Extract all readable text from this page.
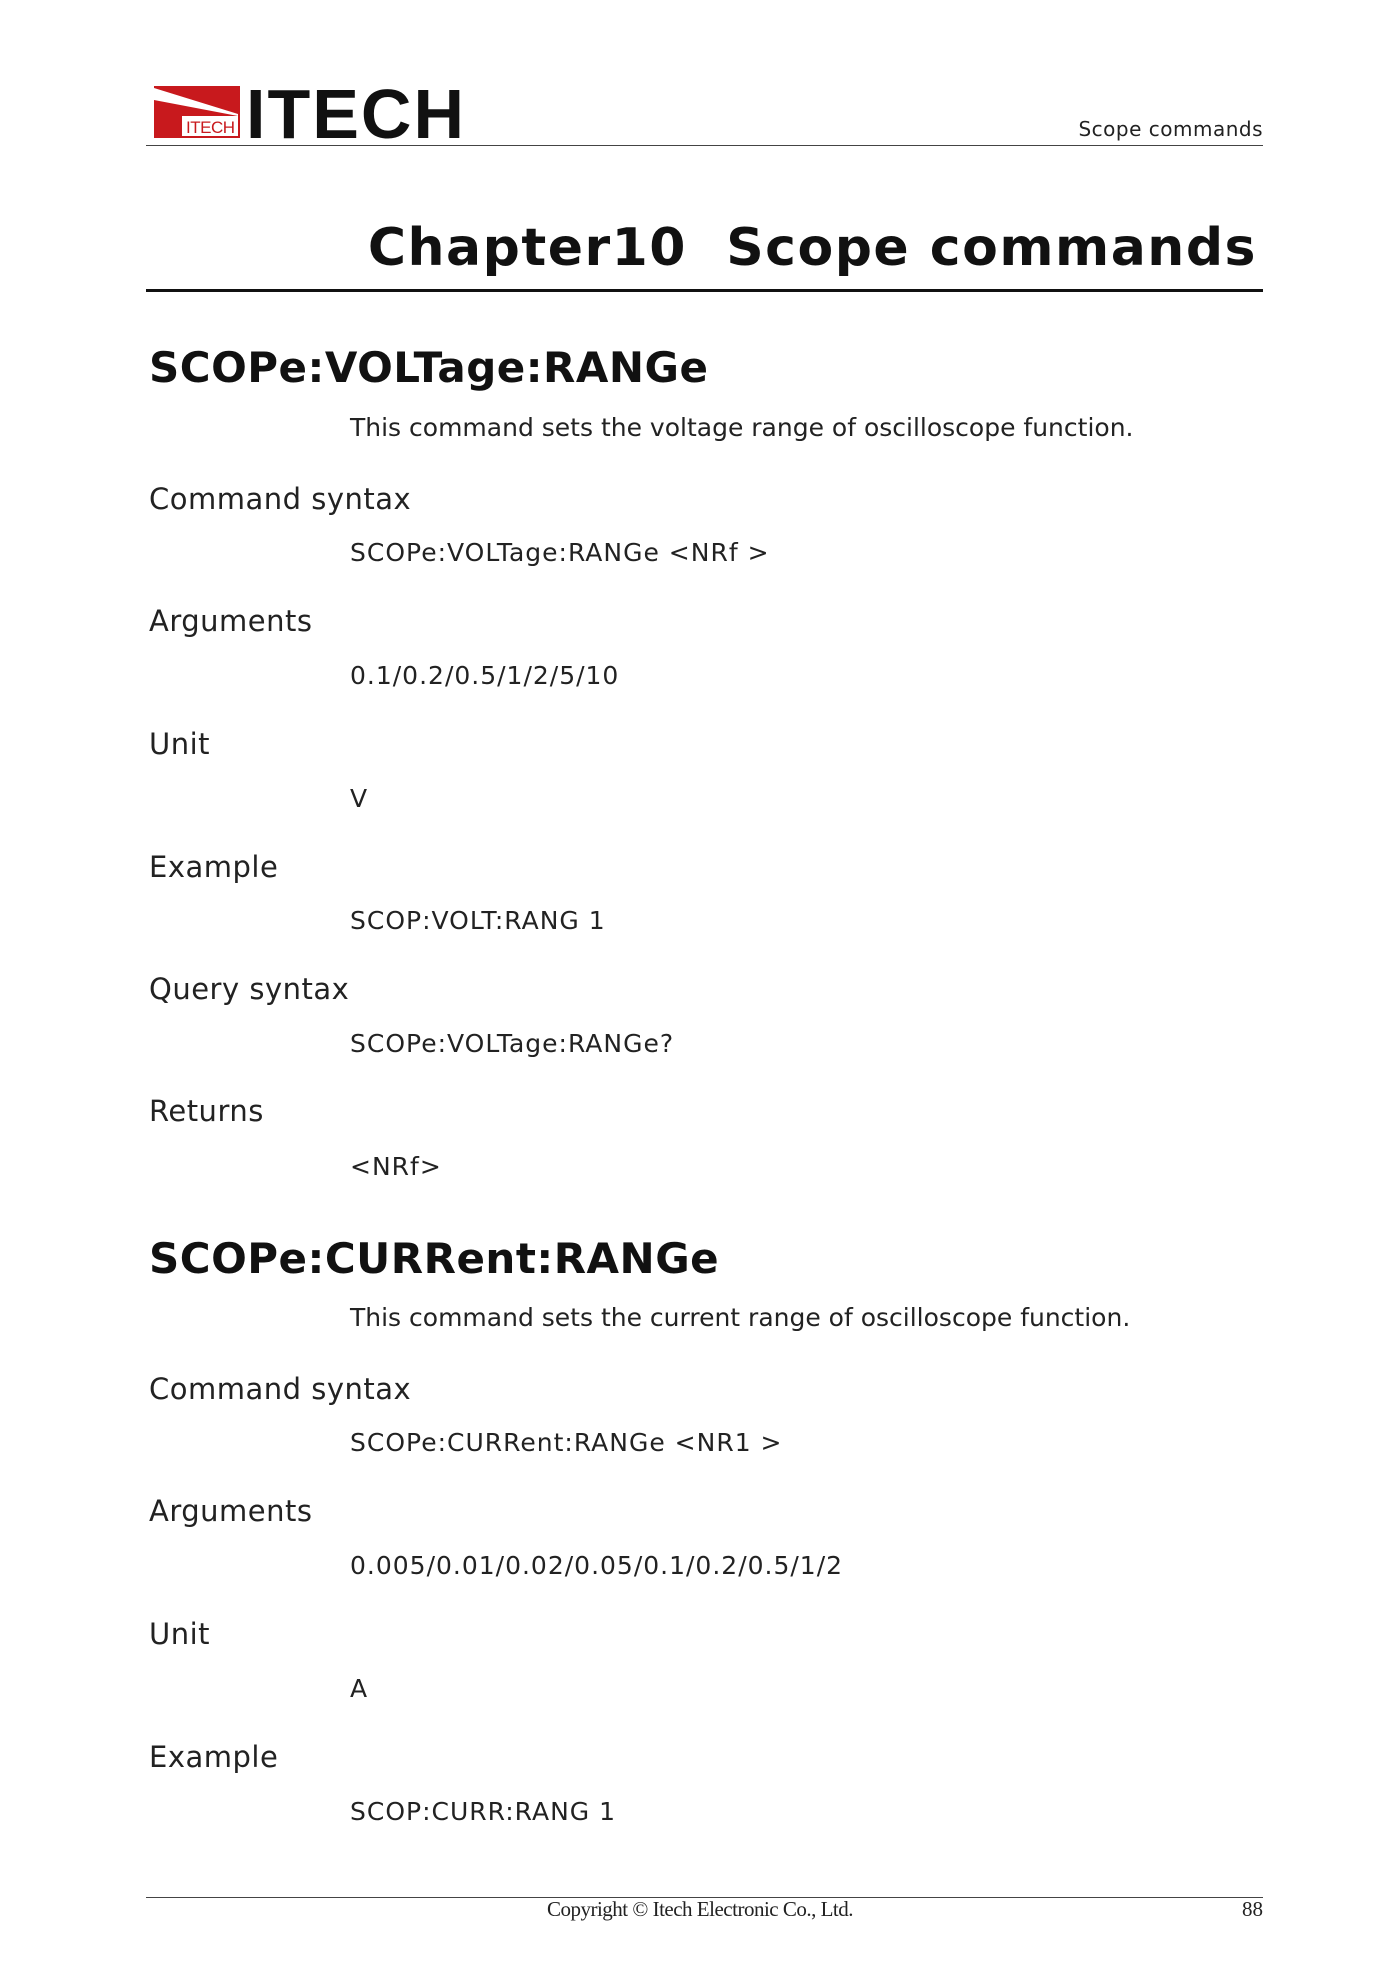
ITECH ITECH	Scope commands
Chapter10  Scope commands
SCOPe:VOLTage:RANGe
This command sets the voltage range of oscilloscope function.
Command syntax
SCOPe:VOLTage:RANGe <NRf >
Arguments
0.1/0.2/0.5/1/2/5/10
Unit
V
Example
SCOP:VOLT:RANG 1
Query syntax
SCOPe:VOLTage:RANGe?
Returns
<NRf>
SCOPe:CURRent:RANGe
This command sets the current range of oscilloscope function.
Command syntax
SCOPe:CURRent:RANGe <NR1 >
Arguments
0.005/0.01/0.02/0.05/0.1/0.2/0.5/1/2
Unit
A
Example
SCOP:CURR:RANG 1
Copyright © Itech Electronic Co., Ltd.	88
